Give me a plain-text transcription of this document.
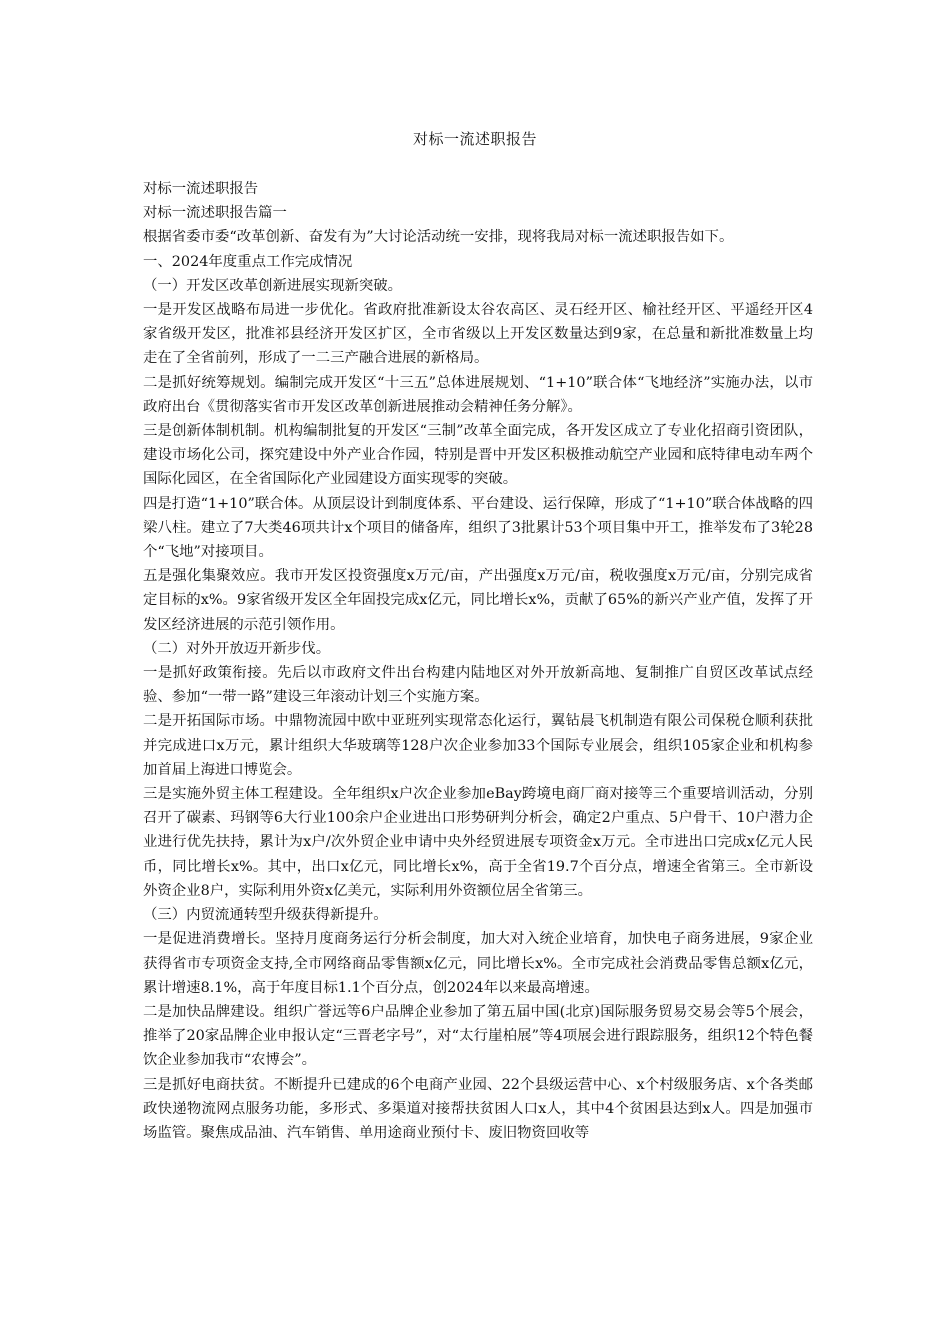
对标一流述职报告

对标一流述职报告

对标一流述职报告篇一

根据省委市委“改革创新、奋发有为”大讨论活动统一安排，现将我局对标一流述职报告如下。

一、2024年度重点工作完成情况

（一）开发区改革创新进展实现新突破。

一是开发区战略布局进一步优化。省政府批准新设太谷农高区、灵石经开区、榆社经开区、平遥经开区4家省级开发区，批准祁县经济开发区扩区，全市省级以上开发区数量达到9家，在总量和新批准数量上均走在了全省前列，形成了一二三产融合进展的新格局。

二是抓好统筹规划。编制完成开发区“十三五”总体进展规划、“1+10”联合体“飞地经济”实施办法，以市政府出台《贯彻落实省市开发区改革创新进展推动会精神任务分解》。

三是创新体制机制。机构编制批复的开发区“三制”改革全面完成，各开发区成立了专业化招商引资团队，建设市场化公司，探究建设中外产业合作园，特别是晋中开发区积极推动航空产业园和底特律电动车两个国际化园区，在全省国际化产业园建设方面实现零的突破。

四是打造“1+10”联合体。从顶层设计到制度体系、平台建设、运行保障，形成了“1+10”联合体战略的四梁八柱。建立了7大类46项共计x个项目的储备库，组织了3批累计53个项目集中开工，推举发布了3轮28个“飞地”对接项目。

五是强化集聚效应。我市开发区投资强度x万元/亩，产出强度x万元/亩，税收强度x万元/亩，分别完成省定目标的x%。9家省级开发区全年固投完成x亿元，同比增长x%，贡献了65%的新兴产业产值，发挥了开发区经济进展的示范引领作用。

（二）对外开放迈开新步伐。

一是抓好政策衔接。先后以市政府文件出台构建内陆地区对外开放新高地、复制推广自贸区改革试点经验、参加“一带一路”建设三年滚动计划三个实施方案。

二是开拓国际市场。中鼎物流园中欧中亚班列实现常态化运行，翼钻晨飞机制造有限公司保税仓顺利获批并完成进口x万元，累计组织大华玻璃等128户次企业参加33个国际专业展会，组织105家企业和机构参加首届上海进口博览会。

三是实施外贸主体工程建设。全年组织x户次企业参加eBay跨境电商厂商对接等三个重要培训活动，分别召开了碳素、玛钢等6大行业100余户企业进出口形势研判分析会，确定2户重点、5户骨干、10户潜力企业进行优先扶持，累计为x户/次外贸企业申请中央外经贸进展专项资金x万元。全市进出口完成x亿元人民币，同比增长x%。其中，出口x亿元，同比增长x%，高于全省19.7个百分点，增速全省第三。全市新设外资企业8户，实际利用外资x亿美元，实际利用外资额位居全省第三。

（三）内贸流通转型升级获得新提升。

一是促进消费增长。坚持月度商务运行分析会制度，加大对入统企业培育，加快电子商务进展，9家企业获得省市专项资金支持,全市网络商品零售额x亿元，同比增长x%。全市完成社会消费品零售总额x亿元，累计增速8.1%，高于年度目标1.1个百分点，创2024年以来最高增速。

二是加快品牌建设。组织广誉远等6户品牌企业参加了第五届中国(北京)国际服务贸易交易会等5个展会，推举了20家品牌企业申报认定“三晋老字号”，对“太行崖柏展”等4项展会进行跟踪服务，组织12个特色餐饮企业参加我市“农博会”。

三是抓好电商扶贫。不断提升已建成的6个电商产业园、22个县级运营中心、x个村级服务店、x个各类邮政快递物流网点服务功能，多形式、多渠道对接帮扶贫困人口x人，其中4个贫困县达到x人。四是加强市场监管。聚焦成品油、汽车销售、单用途商业预付卡、废旧物资回收等
